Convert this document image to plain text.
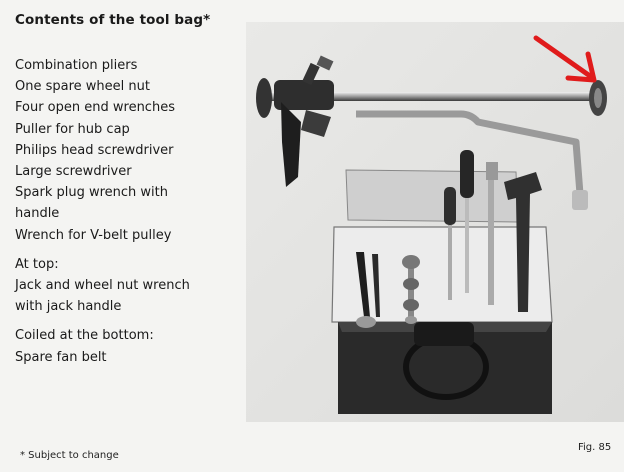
Contents of the tool bag*
Combination pliers
One spare wheel nut
Four open end wrenches
Puller for hub cap
Philips head screwdriver
Large screwdriver
Spark plug wrench with
handle
Wrench for V-belt pulley
At top:
Jack and wheel nut wrench
with jack handle
Coiled at the bottom:
Spare fan belt
* Subject to change
Fig. 85
